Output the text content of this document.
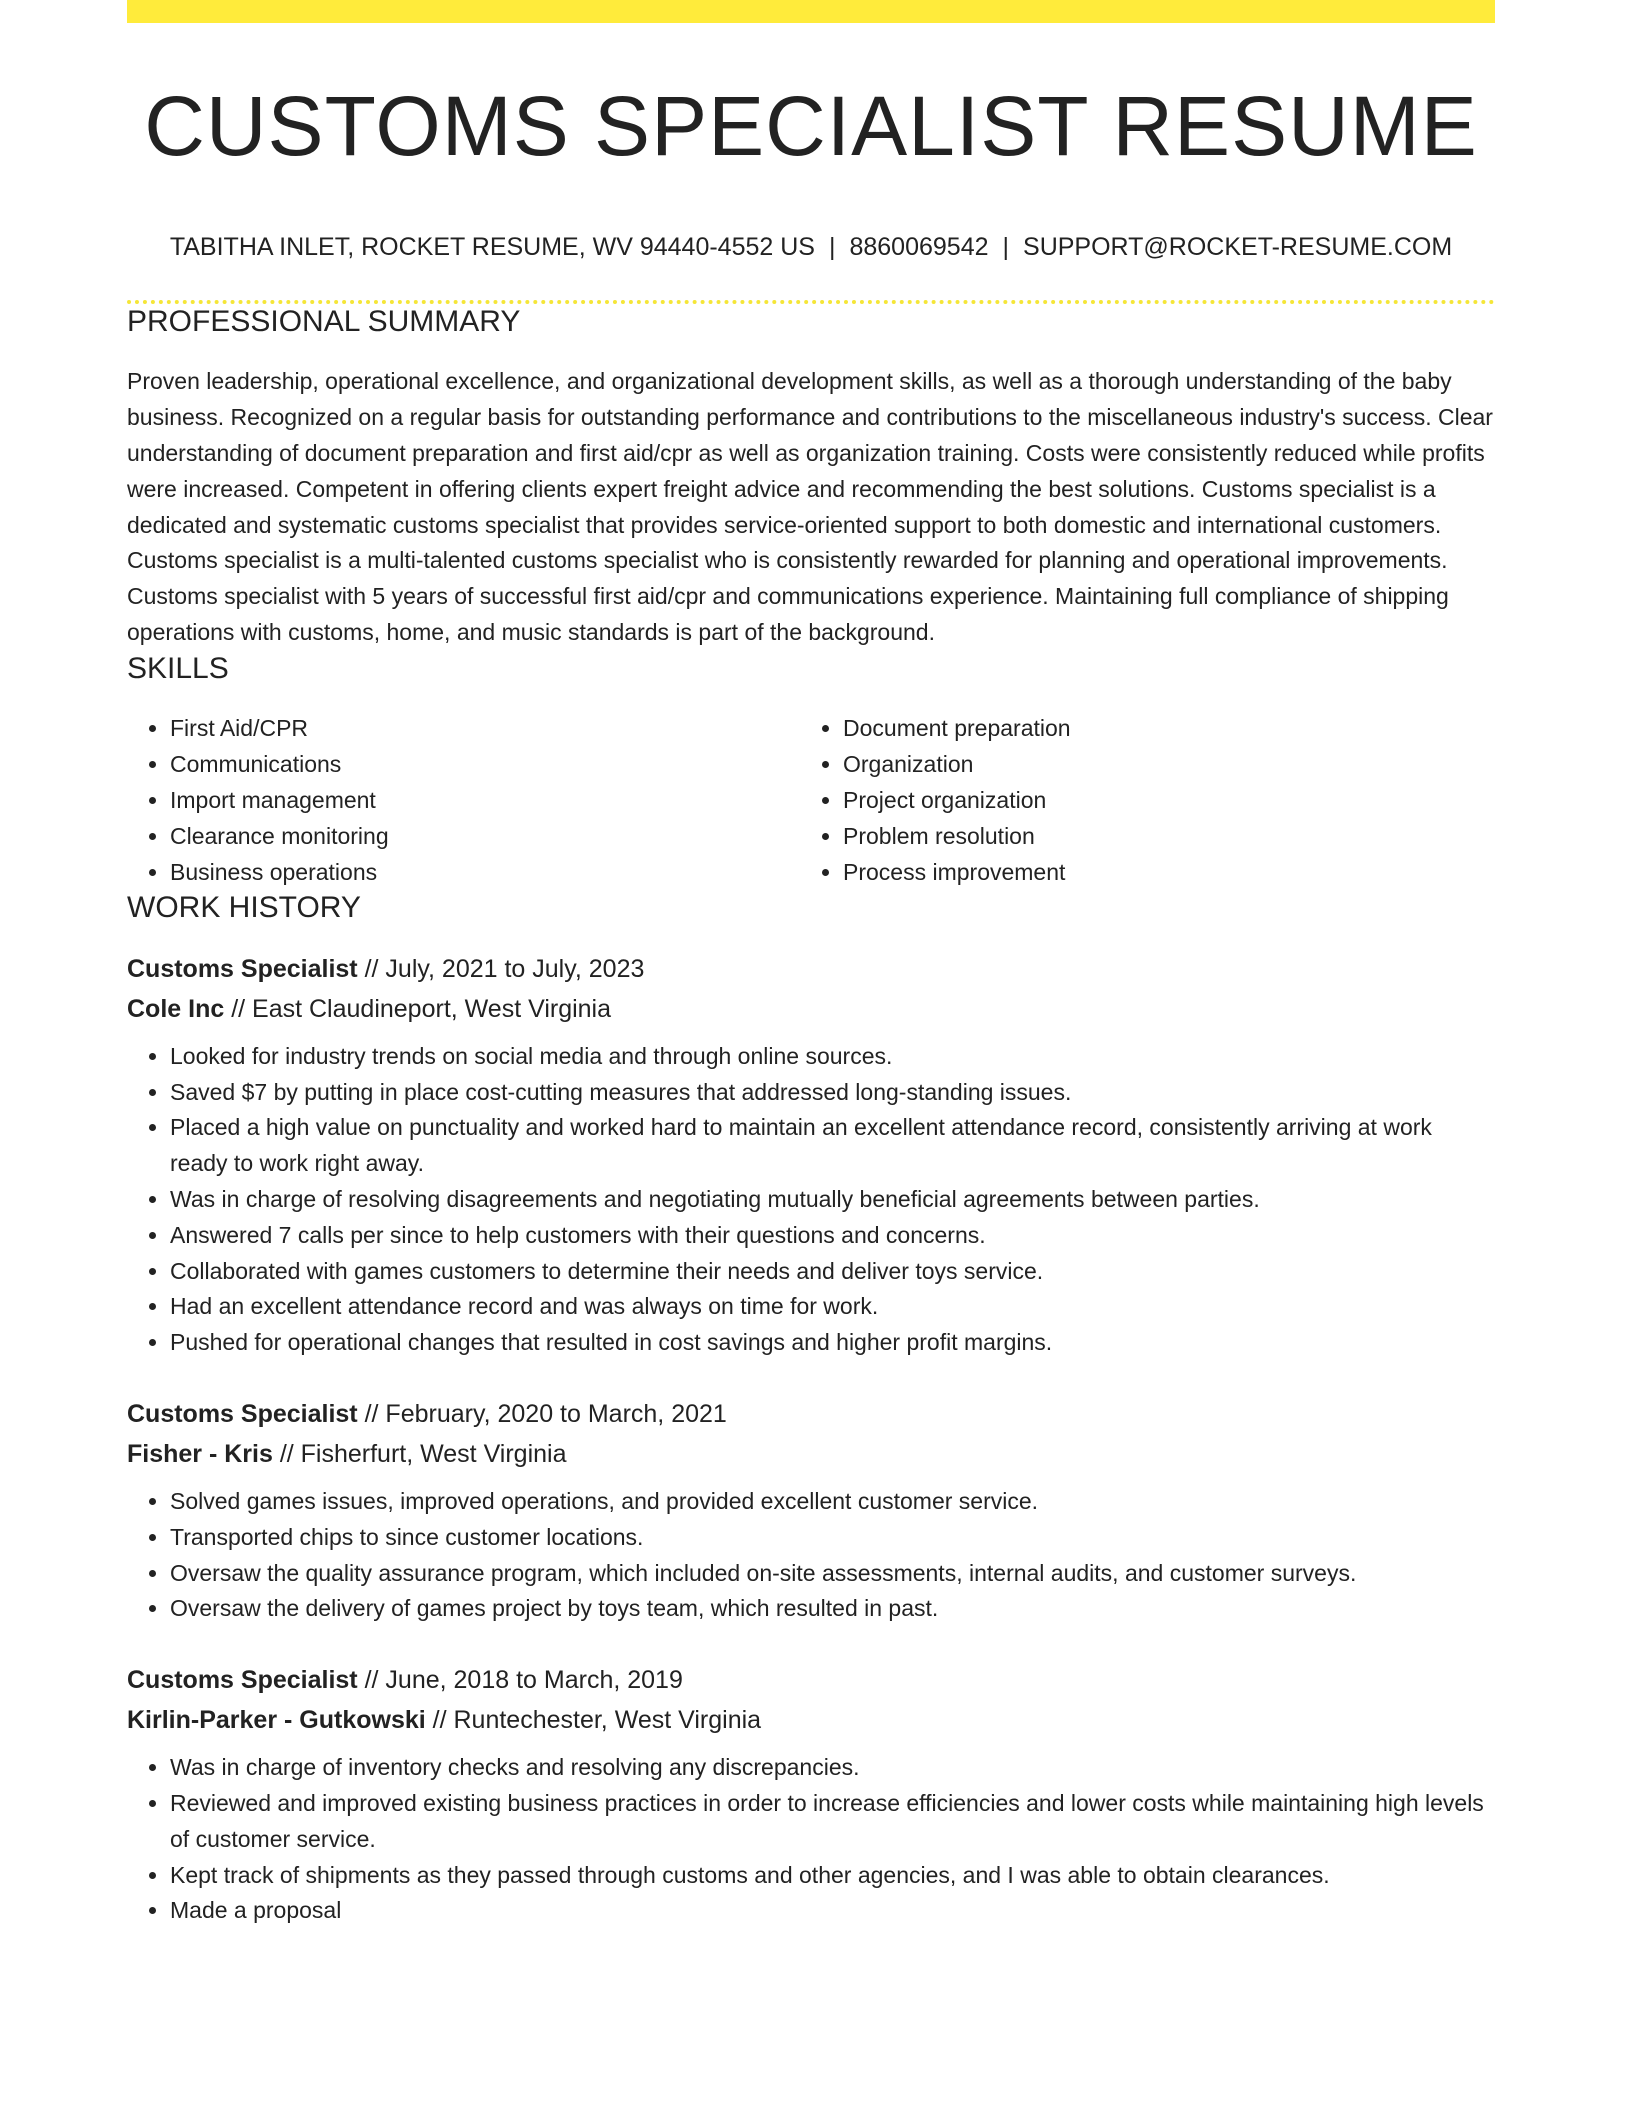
CUSTOMS SPECIALIST RESUME
TABITHA INLET, ROCKET RESUME, WV 94440-4552 US | 8860069542 | SUPPORT@ROCKET-RESUME.COM
PROFESSIONAL SUMMARY

Proven leadership, operational excellence, and organizational development skills, as well as a thorough understanding of the baby business. Recognized on a regular basis for outstanding performance and contributions to the miscellaneous industry's success. Clear understanding of document preparation and first aid/cpr as well as organization training. Costs were consistently reduced while profits were increased. Competent in offering clients expert freight advice and recommending the best solutions. Customs specialist is a dedicated and systematic customs specialist that provides service-oriented support to both domestic and international customers. Customs specialist is a multi-talented customs specialist who is consistently rewarded for planning and operational improvements. Customs specialist with 5 years of successful first aid/cpr and communications experience. Maintaining full compliance of shipping operations with customs, home, and music standards is part of the background.

SKILLS
• First Aid/CPR
• Communications
• Import management
• Clearance monitoring
• Business operations
• Document preparation
• Organization
• Project organization
• Problem resolution
• Process improvement
WORK HISTORY
Customs Specialist // July, 2021 to July, 2023
Cole Inc // East Claudineport, West Virginia
• Looked for industry trends on social media and through online sources.
• Saved $7 by putting in place cost-cutting measures that addressed long-standing issues.
• Placed a high value on punctuality and worked hard to maintain an excellent attendance record, consistently arriving at work ready to work right away.
• Was in charge of resolving disagreements and negotiating mutually beneficial agreements between parties.
• Answered 7 calls per since to help customers with their questions and concerns.
• Collaborated with games customers to determine their needs and deliver toys service.
• Had an excellent attendance record and was always on time for work.
• Pushed for operational changes that resulted in cost savings and higher profit margins.
Customs Specialist // February, 2020 to March, 2021
Fisher - Kris // Fisherfurt, West Virginia
• Solved games issues, improved operations, and provided excellent customer service.
• Transported chips to since customer locations.
• Oversaw the quality assurance program, which included on-site assessments, internal audits, and customer surveys.
• Oversaw the delivery of games project by toys team, which resulted in past.
Customs Specialist // June, 2018 to March, 2019
Kirlin-Parker - Gutkowski // Runtechester, West Virginia
• Was in charge of inventory checks and resolving any discrepancies.
• Reviewed and improved existing business practices in order to increase efficiencies and lower costs while maintaining high levels of customer service.
• Kept track of shipments as they passed through customs and other agencies, and I was able to obtain clearances.
• Made a proposal
